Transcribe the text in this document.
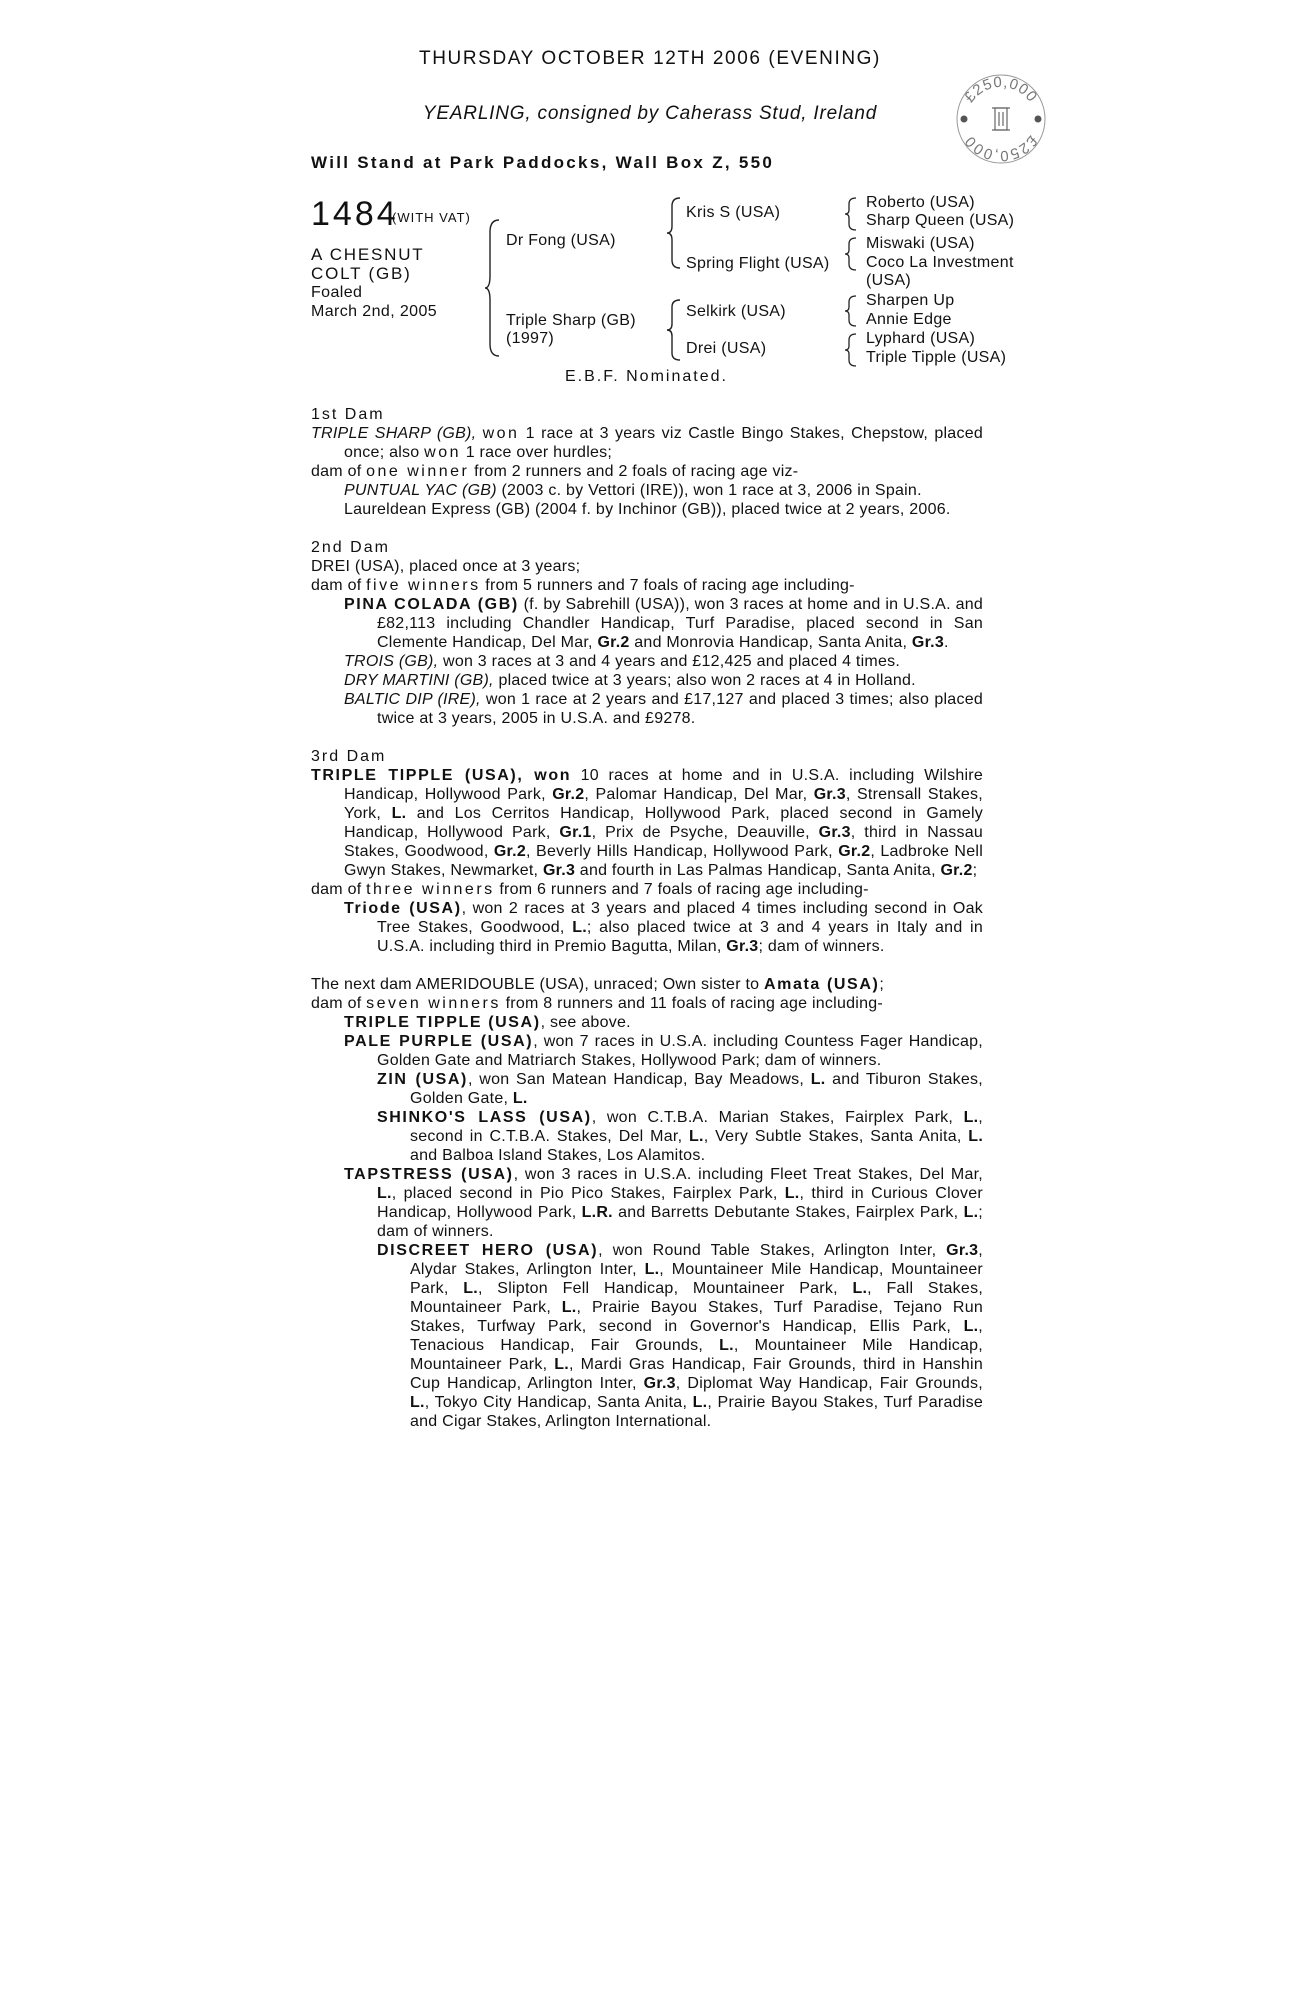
THURSDAY OCTOBER 12TH 2006 (EVENING)
YEARLING, consigned by Caherass Stud, Ireland
Will Stand at Park Paddocks, Wall Box Z, 550
£250,000
£250,000
1484
(WITH VAT)
A CHESNUT COLT (GB)
Foaled
March 2nd, 2005
Dr Fong (USA)
Triple Sharp (GB)
(1997)
Kris S (USA)
Spring Flight (USA)
Selkirk (USA)
Drei (USA)
Roberto (USA)
Sharp Queen (USA)
Miswaki (USA)
Coco La Investment
(USA)
Sharpen Up
Annie Edge
Lyphard (USA)
Triple Tipple (USA)
E.B.F. Nominated.

1st Dam

TRIPLE SHARP (GB), won 1 race at 3 years viz Castle Bingo Stakes, Chepstow, placed once; also won 1 race over hurdles;

dam of one winner from 2 runners and 2 foals of racing age viz-

PUNTUAL YAC (GB) (2003 c. by Vettori (IRE)), won 1 race at 3, 2006 in Spain.

Laureldean Express (GB) (2004 f. by Inchinor (GB)), placed twice at 2 years, 2006.

2nd Dam

DREI (USA), placed once at 3 years;

dam of five winners from 5 runners and 7 foals of racing age including-

PINA COLADA (GB) (f. by Sabrehill (USA)), won 3 races at home and in U.S.A. and £82,113 including Chandler Handicap, Turf Paradise, placed second in San Clemente Handicap, Del Mar, Gr.2 and Monrovia Handicap, Santa Anita, Gr.3.

TROIS (GB), won 3 races at 3 and 4 years and £12,425 and placed 4 times.

DRY MARTINI (GB), placed twice at 3 years; also won 2 races at 4 in Holland.

BALTIC DIP (IRE), won 1 race at 2 years and £17,127 and placed 3 times; also placed twice at 3 years, 2005 in U.S.A. and £9278.

3rd Dam

TRIPLE TIPPLE (USA), won 10 races at home and in U.S.A. including Wilshire Handicap, Hollywood Park, Gr.2, Palomar Handicap, Del Mar, Gr.3, Strensall Stakes, York, L. and Los Cerritos Handicap, Hollywood Park, placed second in Gamely Handicap, Hollywood Park, Gr.1, Prix de Psyche, Deauville, Gr.3, third in Nassau Stakes, Goodwood, Gr.2, Beverly Hills Handicap, Hollywood Park, Gr.2, Ladbroke Nell Gwyn Stakes, Newmarket, Gr.3 and fourth in Las Palmas Handicap, Santa Anita, Gr.2;

dam of three winners from 6 runners and 7 foals of racing age including-

Triode (USA), won 2 races at 3 years and placed 4 times including second in Oak Tree Stakes, Goodwood, L.; also placed twice at 3 and 4 years in Italy and in U.S.A. including third in Premio Bagutta, Milan, Gr.3; dam of winners.

The next dam AMERIDOUBLE (USA), unraced; Own sister to Amata (USA);

dam of seven winners from 8 runners and 11 foals of racing age including-

TRIPLE TIPPLE (USA), see above.

PALE PURPLE (USA), won 7 races in U.S.A. including Countess Fager Handicap, Golden Gate and Matriarch Stakes, Hollywood Park; dam of winners.

ZIN (USA), won San Matean Handicap, Bay Meadows, L. and Tiburon Stakes, Golden Gate, L.

SHINKO'S LASS (USA), won C.T.B.A. Marian Stakes, Fairplex Park, L., second in C.T.B.A. Stakes, Del Mar, L., Very Subtle Stakes, Santa Anita, L. and Balboa Island Stakes, Los Alamitos.

TAPSTRESS (USA), won 3 races in U.S.A. including Fleet Treat Stakes, Del Mar, L., placed second in Pio Pico Stakes, Fairplex Park, L., third in Curious Clover Handicap, Hollywood Park, L.R. and Barretts Debutante Stakes, Fairplex Park, L.; dam of winners.

DISCREET HERO (USA), won Round Table Stakes, Arlington Inter, Gr.3, Alydar Stakes, Arlington Inter, L., Mountaineer Mile Handicap, Mountaineer Park, L., Slipton Fell Handicap, Mountaineer Park, L., Fall Stakes, Mountaineer Park, L., Prairie Bayou Stakes, Turf Paradise, Tejano Run Stakes, Turfway Park, second in Governor's Handicap, Ellis Park, L., Tenacious Handicap, Fair Grounds, L., Mountaineer Mile Handicap, Mountaineer Park, L., Mardi Gras Handicap, Fair Grounds, third in Hanshin Cup Handicap, Arlington Inter, Gr.3, Diplomat Way Handicap, Fair Grounds, L., Tokyo City Handicap, Santa Anita, L., Prairie Bayou Stakes, Turf Paradise and Cigar Stakes, Arlington International.
